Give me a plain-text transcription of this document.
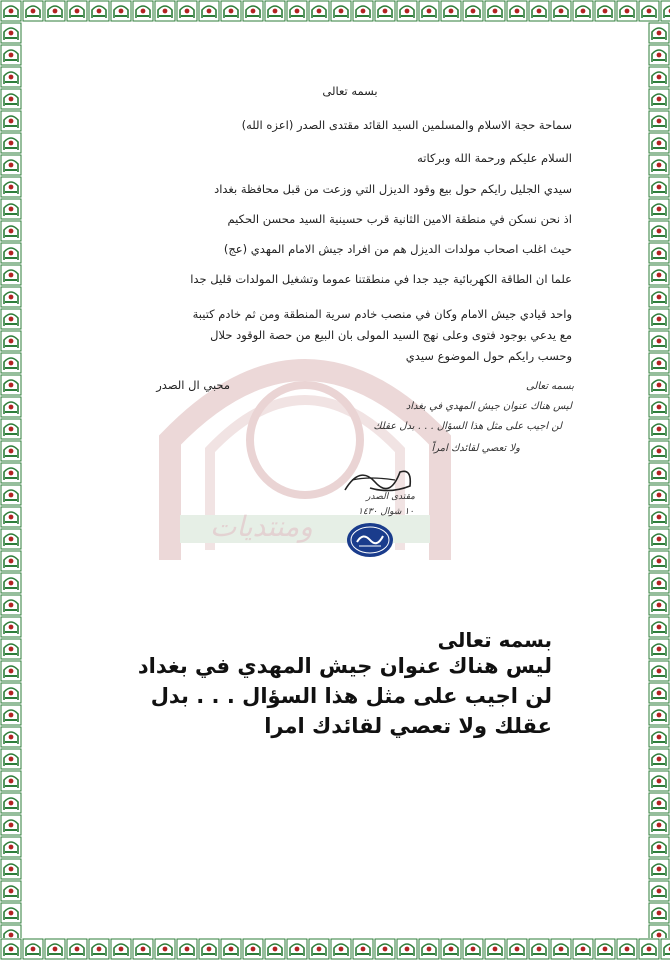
ومنتديات
بسمه تعالى
سماحة حجة الاسلام والمسلمين السيد القائد مقتدى الصدر (اعزه الله)
السلام عليكم ورحمة الله وبركاته
سيدي الجليل رايكم حول بيع وقود الديزل التي وزعت من قبل محافظة بغداد
اذ نحن نسكن في منطقة الامين الثانية قرب حسينية السيد محسن الحكيم
حيث اغلب اصحاب مولدات الديزل هم من افراد جيش الامام المهدي (عج)
علما ان الطاقة الكهربائية جيد جدا في منطقتنا عموما وتشغيل المولدات قليل جدا
واحد قيادي جيش الامام وكان في منصب خادم سرية المنطقة ومن ثم خادم كتيبة
مع يدعي بوجود فتوى وعلى نهج السيد المولى بان البيع من حصة الوقود حلال
وحسب رايكم حول الموضوع سيدي
محبي ال الصدر	بسمه تعالى
ليس هناك عنوان جيش المهدي في بغداد
لن اجيب على مثل هذا السؤال . . . بدل عقلك
ولا تعصي لقائدك امراً
مقتدى الصدر
١٠ شوال ١٤٣٠
بسمه تعالى
ليس هناك عنوان جيش المهدي في بغداد
لن اجيب على مثل هذا السؤال . . . بدل
عقلك ولا تعصي لقائدك امرا
